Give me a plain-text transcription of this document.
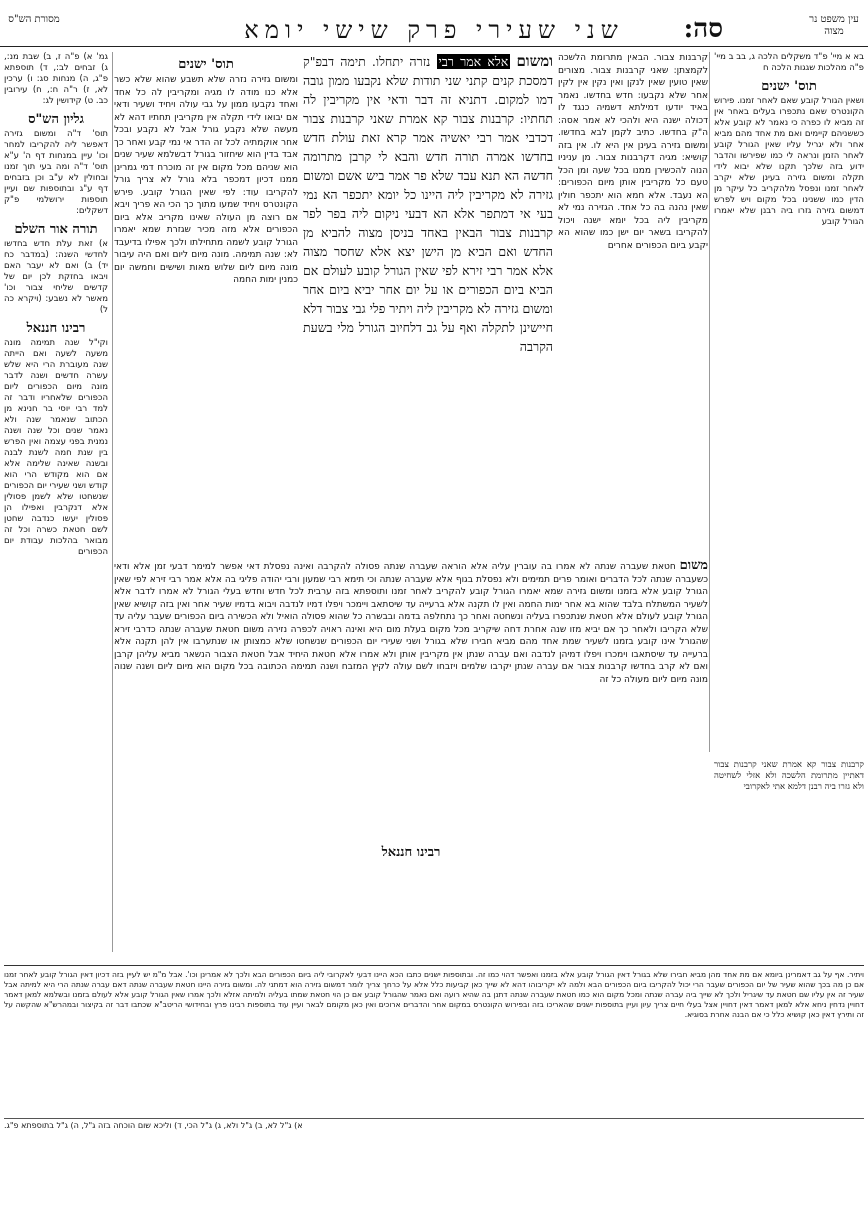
עין משפט נר מצוה
סה:
שני שעירי פרק שישי יומא
מסורת הש"ס
בא א מיי' פ"ד משקלים הלכה ג, בב ב מיי' פ"ה מהלכות שגגות הלכה ח
תוס' ישנים
ושאין הגורל קובע שאם לאחר זמנו. פירוש הקונטרס שאם נתכפרו בעלים באחר אין זה מביא לו כפרה כי נאמר לא קובע אלא כששניהם קיימים ואם מת אחד מהם מביא אחר ולא יגריל עליו שאין הגורל קובע לאחר הזמן ונראה לי כמו שפירשו והדבר ידוע בזה שלכך תקנו שלא יבוא לידי תקלה ומשום גזירה בעינן שלא יקרב לאחר זמנו ונפסל מלהקריב כל עיקר מן הדין כמו ששנינו בכל מקום ויש לפרש דמשום גזירה גזרו ביה רבנן שלא יאמרו הגורל קובע
קרבנות צבור קא אמרת שאני קרבנות צבור דאתיין מתרומת הלשכה ולא אזלי לשחיטה ולא גזרו ביה רבנן דלמא אתי לאקרובי
גמ' א) פ"ה ז, ב) שבת מנ:, ג) זבחים לב:, ד) תוספתא פ"ג, ה) מנחות סג: ו) ערכין לא, ז) ר"ה ח:, ח) עירובין כב. ט) קידושין לג:
גליון הש"ס
תוס' ד"ה ומשום גזירה דאפשר ליה להקריבו למחר וכו' עיין במנחות דף ה' ע"א תוס' ד"ה ומה בעי תוך זמנו ובחולין לא ע"ב וכן בזבחים דף ע"ג ובתוספות שם ועיין תוספות ירושלמי פ"ק דשקלים:
תורה אור השלם
א) זאת עלת חדש בחדשו לחדשי השנה: (במדבר כח יד) ב) ואם לא יעבר האם ויבאו בחזקת לכן יום של קדשים שליחי צבור וכו' מאשר לא נשבע: (ויקרא כה ל)
רבינו חננאל
וקי"ל שנה תמימה מונה משעה לשעה ואם הייתה שנה מעוברת הרי היא שלש עשרה חדשים ושנה לדבר מונה מיום הכפורים ליום הכפורים שלאחריו ודבר זה למד רבי יוסי בר חנינא מן הכתוב שנאמר שנה ולא נאמר שנים וכל שנה ושנה נמנית בפני עצמה ואין הפרש בין שנת חמה לשנת לבנה ובשנה שאינה שלימה אלא אם הוא מקודש הרי הוא קודש ושני שעירי יום הכפורים שנשחטו שלא לשמן פסולין אלא דנקרבין ואפילו הן פסולין יעשו כנדבה שחטן לשם חטאת כשרה וכל זה מבואר בהלכות עבודת יום הכפורים
קרבנות צבור. הבאין מתרומת הלשכה לקמצתן: שאני קרבנות צבור. מצורים שאין טועין שאין לנקן ואין נקין אין לקין אחר שלא נקבעו: חדש בחדשו. נאמר באיד יודעו דמילתא דשמיה כנגד לו דכולה ישנה היא ולהכי לא אמר אסה: ה"ק בחדשו. כתיב לקמן לבא בחדשו. ומשום גזירה בעינן אין היא לו. אין בזה קושיא: מגיה דקרבנות צבור. מן עניניו הנוה להכשירן ממנו בכל שעה ומן הכל טעם כל מקריבין אותן מיום הכפורים: הא נעבד. אלא חמא הוא יתכפר חולין שאין נהנה בה כל אחד. הגזירה נמי לא מקריבין ליה בכל יומא ישנה ויכול להקריבו בשאר יום ישן כמו שהוא הא יקבע ביום הכפורים אחרים
ומשום אלא אמר רבי נזרה יתחלו. תימה דבפ"ק דמסכת קנים קתני שני תודות שלא נקבעו ממון גובה דמו למקום. דתניא זה דבר ודאי אין מקריבין לה תחתיו: קרבנות צבור קא אמרת שאני קרבנות צבור דכדבי אמר רבי יאשיה אמר קרא זאת עולת חדש בחדשו אמרה תורה חדש והבא לי קרבן מתרומה חדשה הא תנא עבד שלא פר אמר ביש אשם ומשום גזירה לא מקריבין ליה היינו כל יומא יתכפר הא נמי בעי אי דמתפר אלא הא דבעי ניקום ליה בפר לפר קרבנות צבור הבאין באחד בניסן מצוה להביא מן החדש ואם הביא מן הישן יצא אלא שחסר מצוה אלא אמר רבי זירא לפי שאין הגורל קובע לעולם אם הביא ביום הכפורים או על יום אחר יביא ביום אחר ומשום גזירה לא מקריבין ליה ויתיר פלי גבי צבור דלא חיישינן לתקלה ואף על גב דלחיוב הגורל מלי בשעת הקרבה
תוס' ישנים
ומשום גזירה נזרה שלא תשבע שהוא שלא כשר אלא כנו מודה לו מגיה ומקריבין לה כל אחד ואחד נקבעו ממון על גבי עולה ויחיד ושעיר ודאי אם יבואו לידי תקלה אין מקריבין תחתיו דהא לא מעשה שלא נקבע גורל אבל לא נקבע ובכל אחר אוקמתיה לכל זה הדר אי נמי קבע ואחר כך אבד בדין הוא שיחזור בגורל דבשלמא שעיר שנים הוא שניהם מכל מקום אין זה מוכרח דמי גמרינן ממנו דכיון דמכפר בלא גורל לא צריך גורל להקריבו עוד: לפי שאין הגורל קובע. פירש הקונטרס ויחיד שמעו מתוך כך הכי הא פריך ויבא אם רוצה מן העולה שאינו מקריב אלא ביום הכפורים אלא מזה מכיר שגזרת שמא יאמרו הגורל קובע לשמה מתחילתו ולכך אפילו בדיעבד לא: שנה תמימה. מונה מיום ליום ואם היה עיבור מונה מיום ליום שלוש מאות ושישים וחמשה יום כמנין ימות החמה
משום חטאת שעברה שנתה לא אמרו בה עוברין עליה אלא הוראה שעברה שנתה פסולה להקרבה ואינה נפסלת דאי אפשר למימר דבעי זמן אלא ודאי כשעברה שנתה לכל הדברים ואומר פרים תמימים ולא נפסלת בגוף אלא שעברה שנתה וכי תימא רבי שמעון ורבי יהודה פליגי בה אלא אמר רבי זירא לפי שאין הגורל קובע אלא בזמנו ומשום גזירה שמא יאמרו הגורל קובע להקריב לאחר זמנו ותוספתא בזה ערבית לכל חדש וחדש בעלי הגורל לא אמרו לדבר אלא לשעיר המשתלח בלבד שהוא בא אחר ימות החמה ואין לו תקנה אלא ברעייה עד שיסתאב ויימכר ויפלו דמיו לנדבה ויבוא בדמיו שעיר אחר ואין בזה קושיא שאין הגורל קובע לעולם אלא חטאת שנתכפרו בעליה ונשחטה ואחר כך נתחלפה בדמה ובבשרה כל שהוא פסולה הואיל ולא הכשירה ביום הכפורים שעבר עליה עד שלא הקריבו ולאחר כך אם יביא מזו שנה אחרת דחה שיקריב מכל מקום בעלת מום היא ואינה ראויה לכפרה נזירה משום חטאת שעברה שנתה כדרבי זירא שהגורל אינו קובע בזמנו לשעיר שמת אחד מהם מביא חבירו שלא בגורל ושני שעירי יום הכפורים שנשחטו שלא כמצותן או שנתערבו אין להן תקנה אלא ברעייה עד שיסתאבו וימכרו ויפלו דמיהן לנדבה ואם עברה שנתן אין מקריבין אותן ולא אמרו אלא חטאת היחיד אבל חטאת הצבור הנשאר מביא עליהן קרבן ואם לא קרב בחדשו קרבנות צבור אם עברה שנתן יקרבו שלמים ויזבחו לשם עולה לקיץ המזבח ושנה תמימה הכתובה בכל מקום הוא מיום ליום ושנה שנוה מונה מיום ליום מעולה כל זה
רבינו חננאל
ויתיר. אף על גב דאמרינן ביומא אם מת אחד מהן מביא חבירו שלא בגורל דאין הגורל קובע אלא בזמנו ואפשר דהוי כמו זה. ובתוספות ישנים כתבו הכא היינו דבעי לאקרובי ליה ביום הכפורים הבא ולכך לא אמרינן וכו'. אבל מ"מ יש לעיין בזה דכיון דאין הגורל קובע לאחר זמנו אם כן מה בכך שהוא שעיר של יום הכפורים שעבר הרי יכול להקריבו ביום הכפורים הבא ולמה לא יקריבוהו דהא לא שייך כאן קביעות כלל אלא על כרחך צריך לומר דמשום גזירה הוא דמתני לה. ומשום גזירה היינו חטאת שעברה שנתה דאם עברה שנתה הרי היא למיתה אבל שעיר זה אין עליו שם חטאת עד שיגריל ולכך לא שייך ביה עברה שנתה ומכל מקום הוא כמו חטאת שעברה שנתה דתנן בה שהיא רועה ואם נאמר שהגורל קובע אם כן הוי חטאת שמתו בעליה ולמיתה אזלא ולכך אמרו שאין הגורל קובע אלא לעולם בזמנו ובשלמא למאן דאמר דחויין נדחין ניחא אלא למאן דאמר דאין דחויין אצל בעלי חיים צריך עיון ועיין בתוספות ישנים שהאריכו בזה ובפירוש הקונטרס במקום אחר והדברים ארוכים ואין כאן מקומם לבאר ועיין עוד בתוספות רבינו פרץ ובחידושי הריטב"א שכתבו דבר זה בקיצור ובמהרש"א שהקשה על זה ותירץ דאין כאן קושיא כלל כי אם הבנה אחרת בסוגיא.
א) ג"ל לא, ב) ג"ל ולא, ג) ג"ל הכי, ד) וליכא שום הוכחה בזה ג"ל, ה) ג"ל בתוספתא פ"ג.
